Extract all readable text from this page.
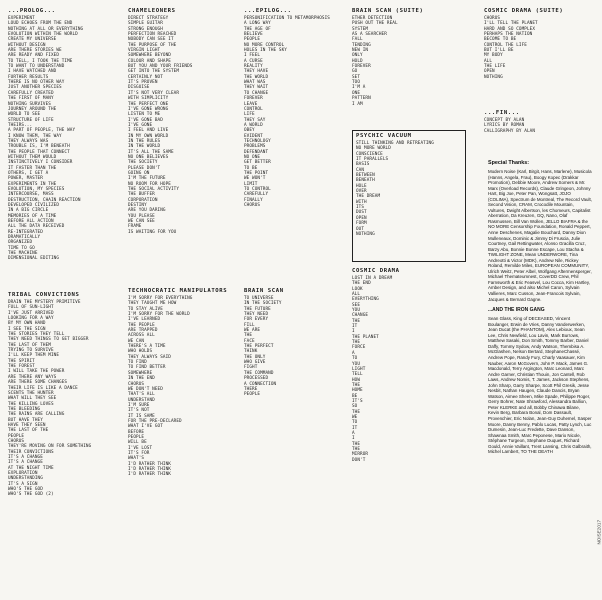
...PROLOG...
EXPERIMENT
LOUD ECHOES FROM THE END
NOTHING AT ALL OR EVERYTHING
EVOLUTION WITHIN THE WORLD
CREATE MY UNIVERSE
WITHOUT DESIGN
ARE THERE STORIES WE
ARE READY AND FIXED
TO TELL, I TOOK THE TIME
TO WANT TO UNDERSTAND
I HAVE WATCHED AND
FURTHER RESULTS
THERE IS NO OTHER WAY
JUST ANOTHER SPECIES
CAREFULLY CREATED
THE FIRST OF MANY
NOTHING SURVIVES
JOURNEY AROUND THE
WORLD TO SEE
STRUCTURE OF LIFE
THEIRS...
A PART OF PEOPLE, THE WAY
I KNOW THEM, THE WAY
THEY ALWAYS WAS
TROUBLE IS, I'M BENEATH
THE PEOPLE THAT CONNECT
WITHOUT THEM WOULD
INSTINCTIVELY I CONSIDER
IT FASTER THAN THE
OTHERS, I GET A
POWER, MASTER
EXPERIMENTS IN THE
EVOLUTION, MY SPECIES
INTERCOURSE, MASS
DESTRUCTION, CHAIN REACTION
DEVELOPED CIVILIZED
IN A BIG CIRCLE
MEMORIES OF A TIME
BEFORE ALL ACTION
ALL THE DATA RECEIVED
RE-INTEGRATED
DRAMATICALLY
ORGANIZED
TIME TO GO
THE MACHINE
DIMENSIONAL EDITING
TRIBAL CONVICTIONS
DRAIN THE MYSTERY PRIMITIVE
FULL OF SUN-LIGHT
I'VE JUST ARRIVED
LOOKING FOR A WAY
BY MY OWN HAND
I SEE THE SIGN
THE STORIES THEY TELL
THEY NEED THINGS TO GET BIGGER
THE LAST OF THEM
TRYING TO SURVIVE
I'LL KEEP THEM MINE
THE SPIRIT
THE FOREST
I WILL TAKE THE POWER
ARE THERE ANY WAYS
ARE THERE SOME CHANGES
THEIR LIFE IS LIKE A DANCE
SCENTS THE HUNTER
WHAT WILL THEY SEE
THE KILLING LOVES
THE BLEEDING
THE RAINS ARE CALLING
BUT HAVE THEY
HAVE THEY SEEN
THE LAST OF THE
PEOPLE
CHORUS
THEY'RE MOVING ON FOR SOMETHING
THEIR CONVICTIONS
IT'S A CHANGE
IT'S A CHANGE
AT THE NIGHT TIME
EXPLORATION
UNDERSTANDING
IT'S A SIGN
WHO'S THE GOD
WHO'S THE GOD (2)
CHAMELEONERS
DIRECT STRATEGY
SIMPLE GUITAR
STRONG ENOUGH
PERFECTION REACHED
NOBODY CAN SEE IT
THE PURPOSE OF THE
VIRGIN LIGHT
SOMEWHERE BEYOND
COLOUR AND SHAPE
BUT YOU AND YOUR FRIENDS
GET INTO THE SYSTEM
CERTAINLY NOT
IT'S PROVEN
DISGUISE
IT'S NOT VERY CLEAR
WITH SIMPLICITY
THE PERFECT ONE
I'VE GONE WRONG
LISTEN TO ME
I'VE GONE BAD
I'VE GONE
I FEEL AND LIVE
IN MY OWN WORLD
IN THE RULES
IN THE WORLD
IT'S ALL THE SAME
NO ONE BELIEVES
THE SOCIETY
PLEASE DON'T
GOING ON
I'M THE FUTURE
NO ROOM FOR HOPE
THE SOCIAL ACTIVITY
THE BUFFER
CORPORATION
DESTINY
ARE YOU DARING
YOU PLEASE
WE CAN SEE
FRAME
IS WAITING FOR YOU
TECHNOCRATIC MANIPULATORS
I'M SORRY FOR EVERYTHING
THEY TAUGHT ME HOW
TO STAY ALIVE
I'M SORRY FOR THE WORLD
I'VE LEARNED
THE PEOPLE
ARE TRAPPED
ACROSS ALL
WE CAN
THERE'S A TIME
WHO HOLDS
THEY ALWAYS SAID
TO FIND
TO FIND BETTER
SOMEWHERE
IN THE END
CHORUS
WE DON'T NEED
THAT'S ALL
UNDERSTAND
I'M SURE
IT'S NOT
IT IS SAME
FOR THE PRE-DECLARED
WHAT I'VE GOT
BEFORE
PEOPLE
WILL BE
I'VE LOST
IT'S FOR
WHAT'S
I'D RATHER THINK
I'D RATHER THINK
I'D RATHER THINK
...EPILOG...
PERSONIFICATION TO METAMORPHOSIS
A LONG WAY
THE AGE OF
BELIEVE
PEOPLE
NO MORE CONTROL
HOLES IN THE SKY
I FEEL
A CURSE
REALITY
THEY HAVE
THE WORLD
WHAT WAS
THEY WAIT
TO CHANGE
FOREVER
LEAVE
CONTROL
LIFE
THEY SAY
A WORLD
OBEY
EVIDENT
TECHNOLOGY
PROBLEMS
DEFENDANT
NO ONE
GET BETTER
TO BE
THE POINT
WE WON'T
LIMIT
TO CONTROL
CAREFULLY
FINALLY
CHORUS
BRAIN SCAN
TO UNIVERSE
IN THE SOCIETY
THE FUTURE
THEY NEED
FOR EVERY
FILL
WE ARE
THE
FACE
THE PERFECT
THINK
THE ONLY
WHO GIVE
FIGHT
THE COMMAND
PROCESSED
A CONNECTION
THERE
PEOPLE
BRAIN SCAN (SUITE)
ETHER DETECTION
PUSH OUT THE REAL
SYSTEM
AS A SEARCHER
FALL
TENDING
NEW IN
ONLY
HOLD
FOREVER
GO
SET
TOO
I'M A
ONE
PATTERN
I AM
PSYCHIC VACUUM
STILL THINKING AND RETREATING
NO MORE WORLD
CONSCIENCE
IT PARALLELS
BASIS
CAN
BETWEEN
BENEATH
HOLE
OVER
THE DREAM
WITH
ITS
DUST
OPEN
FORM
OUT
NOTHING
COSMIC DRAMA
LOST IN A DREAM
THE END
LOOK
ALL
EVERYTHING
SEE
YOU
CHANGE
THE
IT
I
THE PLANET
THE
FORCE
A
TO
YOU
LIGHT
TELL
HOW
THE
HOME
BE
IT'S
SO
THE
WE
TO
IT
A
I
THE
THE
MIRROR
DON'T
COSMIC DRAMA (SUITE)
CHORUS
I'LL TELL THE PLANET
HARD AND SO COMPLEX
PERHAPS THE NATION
BECOME TO BE
CONTROL THE LIFE
BUT I'LL BE
MY BODY
ALL
THE LIFE
OPEN
NOTHING
...FIN...
CONCEPT BY ALAN
LYRICS BY ROMAN
CALLIGRAPHY BY ALAN
Special Thanks:
Modern Noise (Karl, Birgit, Hans, Marlene), Musicola (Hanns, Angela, Frau), Boogy Kopec (Drakkar Promotion), Debbie Moore, Andrew Somers & Mr. Marx (Overload Records), Claude Gringeon, Johnny Hart, Big Joe, Peter Pan, Wongsatt, JOJO (COLIMA), Spectrum de Montreal, The Record Vault, Second Vision, CRAM, Crocodile Mountain, Vultures, Dwight Albertson, les Chomeurs, Capitalist Aberration, Da Kreuzen, GQ, Nano, Olaf Rasmussen, Bill Van Wollen, JELLO BIAFRA & the NO MORE Censorship Foundation, Ronald Peppert, Anne Deschenes, Magalie Bouchard, Danny Dion Mulleneaux, Dominic & Jimmy Di Fruscia, Julie Courtney, Gail Rettingwater, Alonso Gracilla Cruz, Barzy Abu, Bonnie Bonne Escape, Lou Stacha & TWILIGHT ZONE, Mean UNDERWORE, Tina Andreotti & Victor (MDK), Andrew Nile, Rickey Roland, Remilde Miles, EUROPEAN COMMUNITY, Ulrich Weitz, Peter Albel, Wolfgang Aftermensperger, Michael Themateumnest, CoverDD Crew, Phil Farnsworth & Eric Feasvel, Lou Cocca, Kim Hartley, Amber Design, and also Michel Caron, Sylvain Vallieres, Marc Cusson, Jean-Francois Sylvain, Jacques & Bernard Gagne.
...AND THE IRON GANG
Sean Glass, King of DECEASED, Vincent Boulanger, Erwin de Vries, Danny Vanderwerken, Jean Ducat (the PHANTOM), Alex Lebioux, Sean Lee, Chris Newfield, Lou Lavin, Mark Burrows, Matthew Sasaki, Don Smith, Tommy Barber, Daniel Daffy, Tommy Sydow, Andy Watson, Thembisa A. McGlashen, Nelson Bertard, StephaneChassé, Andrew Pope, Randy Fury, Charly Vaasauer, Kim Nauber, Aaron McGovern, John P. Mack, James G. Macdonald, Terry Argington, Marc Leonard, Marc Andre Garner, Christian Thouin, Jon Cantell, Rob Laws, Andrew Nomis, T. James, Jackson Stephens, John Sharp, Garry Sharpe, Scott Phil Gresik, Jesse Nesbit, Nathan Haugen, Claude Dancis, Bryan Watson, Aimee Sheen, Mike Spade, Philippe Roger, Gerry Bohrer, Nate Shrawford, Alessandra Ballion, Peter KLERKE and all, Bobby Chinawa Bilane, Kevin Berg, Barbara Bonal, Dom Dassault, Provenchier, Eric Nolan, Jean-Guy Duhemel, Sasper Moore, Danny Benny, Pablo Lucas, Patty Lynch, Luc Dumesin, Jean-Luc Fredette, Dave Danson, Shawnaa Smith, Marc Peponese, Mario Nicole, Stéphane Turgeon, Stephane Duquet, Richard Gould, Annie Vaillant, Trent Lansing, Chris Galbraith, Michel Lambert, TO THE DEATH
NOISE2017
